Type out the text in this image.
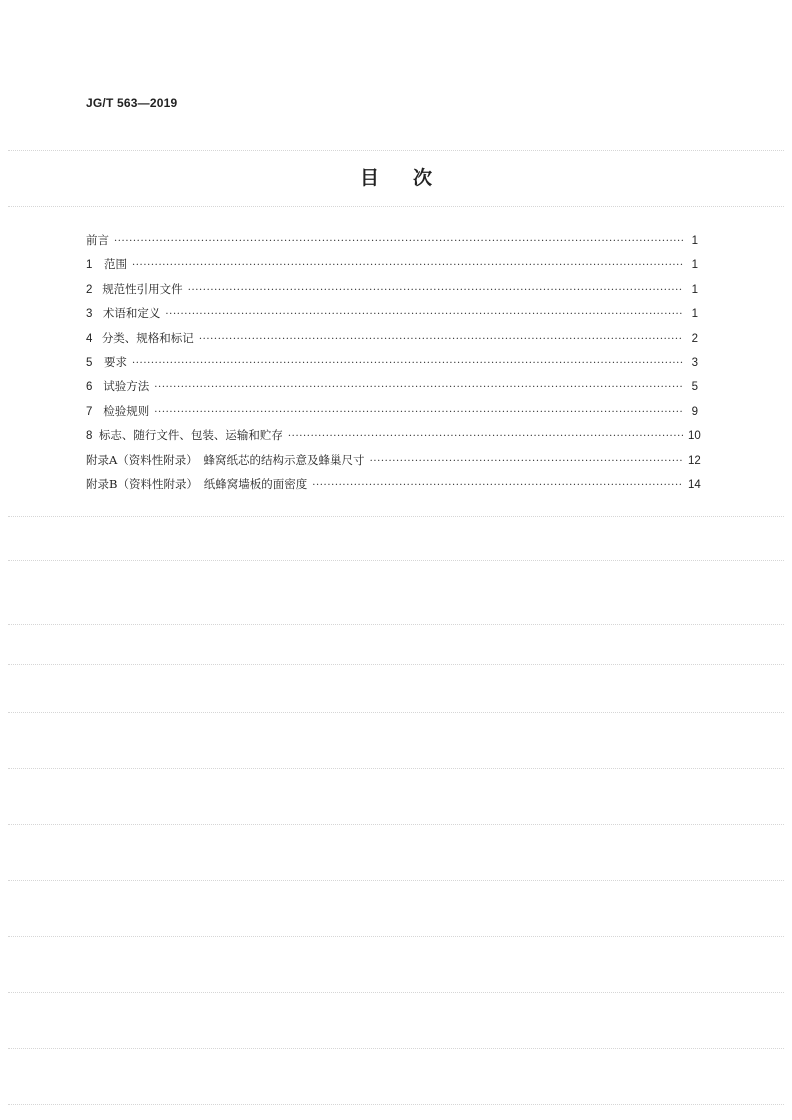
JG/T 563—2019
目次
前言 ·····	1
1	范围 ·····	1
2 规范性引用文件 ·····	1
3 术语和定义 ·····	1
4 分类、规格和标记 ·····	2
5	要求 ·····	3
6 试验方法 ·····	5
7 检验规则 ·····	9
8 标志、随行文件、包装、运输和贮存 ·····	10
附录A（资料性附录）　蜂窝纸芯的结构示意及蜂巢尺寸 ·····	12
附录B（资料性附录）　纸蜂窝墙板的面密度 ·····	14
